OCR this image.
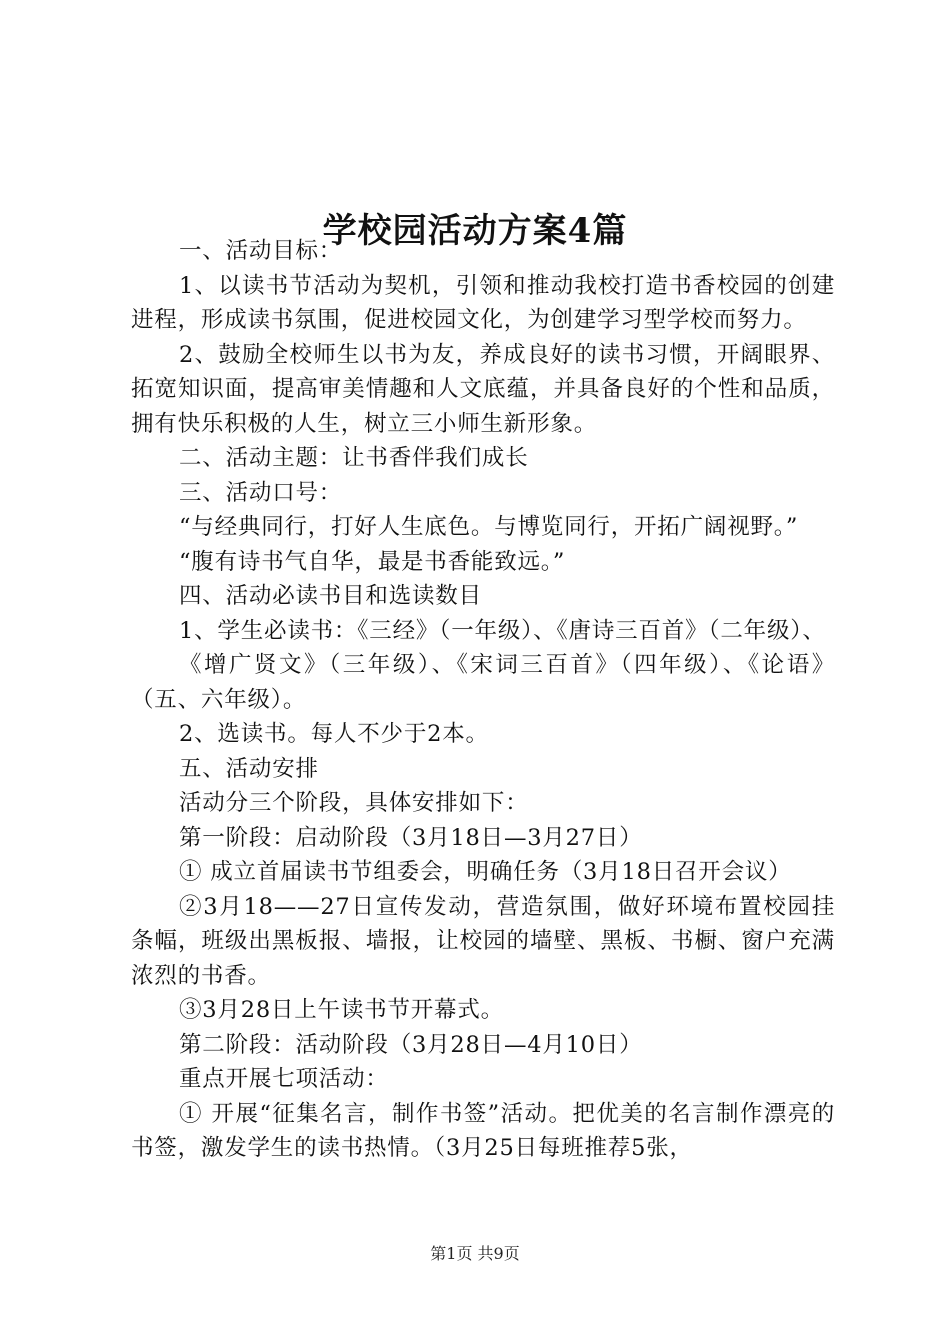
学校园活动方案4篇

一、活动目标：

1、以读书节活动为契机，引领和推动我校打造书香校园的创建进程，形成读书氛围，促进校园文化，为创建学习型学校而努力。

2、鼓励全校师生以书为友，养成良好的读书习惯，开阔眼界、拓宽知识面，提高审美情趣和人文底蕴，并具备良好的个性和品质，拥有快乐积极的人生，树立三小师生新形象。

二、活动主题：让书香伴我们成长

三、活动口号：

“与经典同行，打好人生底色。与博览同行，开拓广阔视野。”

“腹有诗书气自华，最是书香能致远。”

四、活动必读书目和选读数目

1、学生必读书：《三经》（一年级）、《唐诗三百首》（二年级）、

《增广贤文》（三年级）、《宋词三百首》（四年级）、《论语》（五、六年级）。

2、选读书。每人不少于2本。

五、活动安排

活动分三个阶段，具体安排如下：

第一阶段：启动阶段（3月18日—3月27日）

① 成立首届读书节组委会，明确任务（3月18日召开会议）

②3月18——27日宣传发动，营造氛围，做好环境布置校园挂条幅，班级出黑板报、墙报，让校园的墙壁、黑板、书橱、窗户充满浓烈的书香。

③3月28日上午读书节开幕式。

第二阶段：活动阶段（3月28日—4月10日）

重点开展七项活动：

① 开展“征集名言，制作书签”活动。把优美的名言制作漂亮的书签，激发学生的读书热情。（3月25日每班推荐5张，

第1页 共9页
